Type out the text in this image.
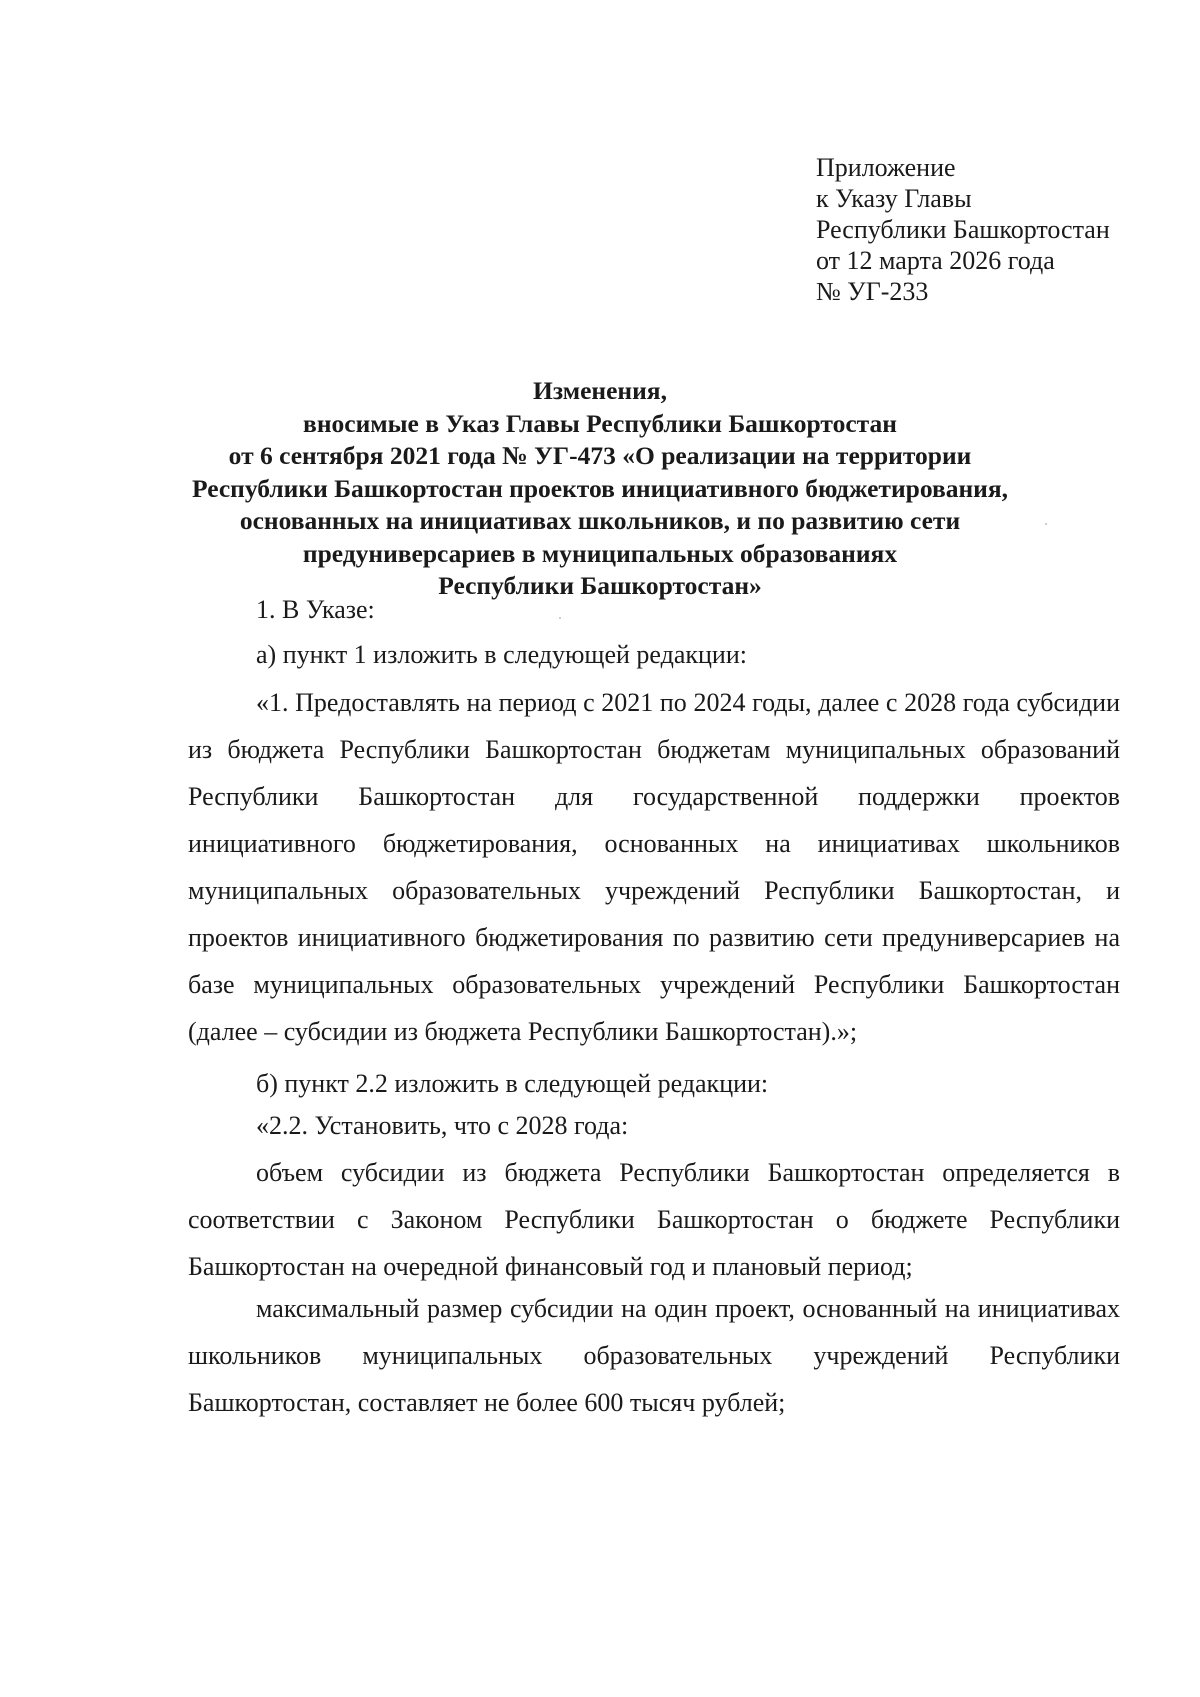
Приложение
к Указу Главы
Республики Башкортостан
от 12 марта 2026 года
№ УГ-233
Изменения,
вносимые в Указ Главы Республики Башкортостан
от 6 сентября 2021 года № УГ-473 «О реализации на территории
Республики Башкортостан проектов инициативного бюджетирования,
основанных на инициативах школьников, и по развитию сети
предуниверсариев в муниципальных образованиях
Республики Башкортостан»
1. В Указе:
а) пункт 1 изложить в следующей редакции:

«1. Предоставлять на период с 2021 по 2024 годы, далее с 2028 года субсидии из бюджета Республики Башкортостан бюджетам муниципальных образований Республики Башкортостан для государственной поддержки проектов инициативного бюджетирования, основанных на инициативах школьников муниципальных образовательных учреждений Республики Башкортостан, и проектов инициативного бюджетирования по развитию сети предуниверсариев на базе муниципальных образовательных учреждений Республики Башкортостан (далее – субсидии из бюджета Республики Башкортостан).»;

б) пункт 2.2 изложить в следующей редакции:
«2.2. Установить, что с 2028 года:

объем субсидии из бюджета Республики Башкортостан определяется в соответствии с Законом Республики Башкортостан о бюджете Республики Башкортостан на очередной финансовый год и плановый период;

максимальный размер субсидии на один проект, основанный на инициативах школьников муниципальных образовательных учреждений Республики Башкортостан, составляет не более 600 тысяч рублей;
